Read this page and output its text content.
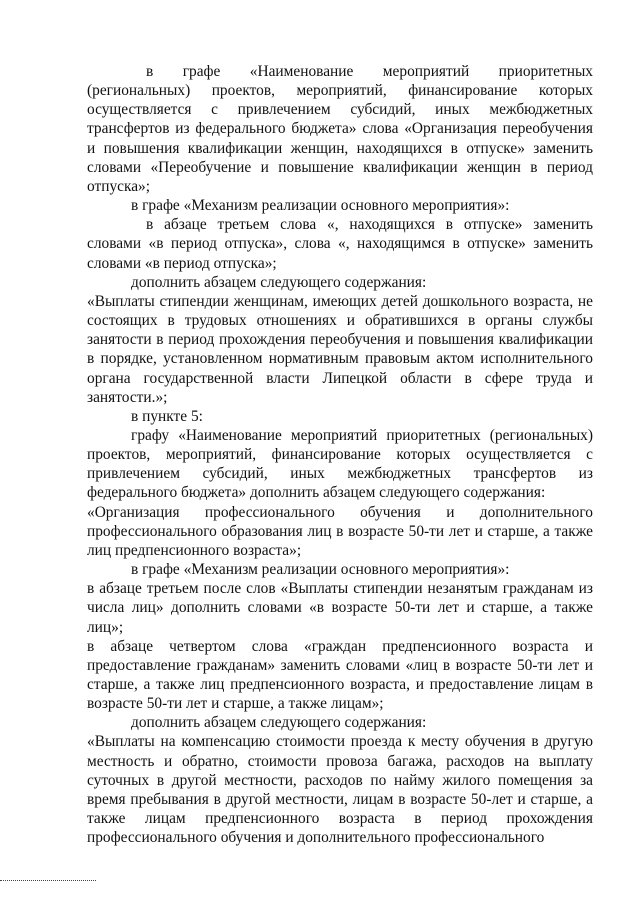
в графе «Наименование мероприятий приоритетных (региональных) проектов, мероприятий, финансирование которых осуществляется с привлечением субсидий, иных межбюджетных трансфертов из федерального бюджета» слова «Организация переобучения и повышения квалификации женщин, находящихся в отпуске» заменить словами «Переобучение и повышение квалификации женщин в период отпуска»;

в графе «Механизм реализации основного мероприятия»:

в абзаце третьем слова «, находящихся в отпуске» заменить словами «в период отпуска», слова «, находящимся в отпуске» заменить словами «в период отпуска»;

дополнить абзацем следующего содержания:

«Выплаты стипендии женщинам, имеющих детей дошкольного возраста, не состоящих в трудовых отношениях и обратившихся в органы службы занятости в период прохождения переобучения и повышения квалификации в порядке, установленном нормативным правовым актом исполнительного органа государственной власти Липецкой области в сфере труда и занятости.»;

в пункте 5:

графу «Наименование мероприятий приоритетных (региональных) проектов, мероприятий, финансирование которых осуществляется с привлечением субсидий, иных межбюджетных трансфертов из федерального бюджета» дополнить абзацем следующего содержания:

«Организация профессионального обучения и дополнительного профессионального образования лиц в возрасте 50-ти лет и старше, а также лиц предпенсионного возраста»;

в графе «Механизм реализации основного мероприятия»:

в абзаце третьем после слов «Выплаты стипендии незанятым гражданам из числа лиц» дополнить словами «в возрасте 50-ти лет и старше, а также лиц»;

в абзаце четвертом слова «граждан предпенсионного возраста и предоставление гражданам» заменить словами «лиц в возрасте 50-ти лет и старше, а также лиц предпенсионного возраста, и предоставление лицам в возрасте 50-ти лет и старше, а также лицам»;

дополнить абзацем следующего содержания:

«Выплаты на компенсацию стоимости проезда к месту обучения в другую местность и обратно, стоимости провоза багажа, расходов на выплату суточных в другой местности, расходов по найму жилого помещения за время пребывания в другой местности, лицам в возрасте 50-лет и старше, а также лицам предпенсионного возраста в период прохождения профессионального обучения и дополнительного профессионального
